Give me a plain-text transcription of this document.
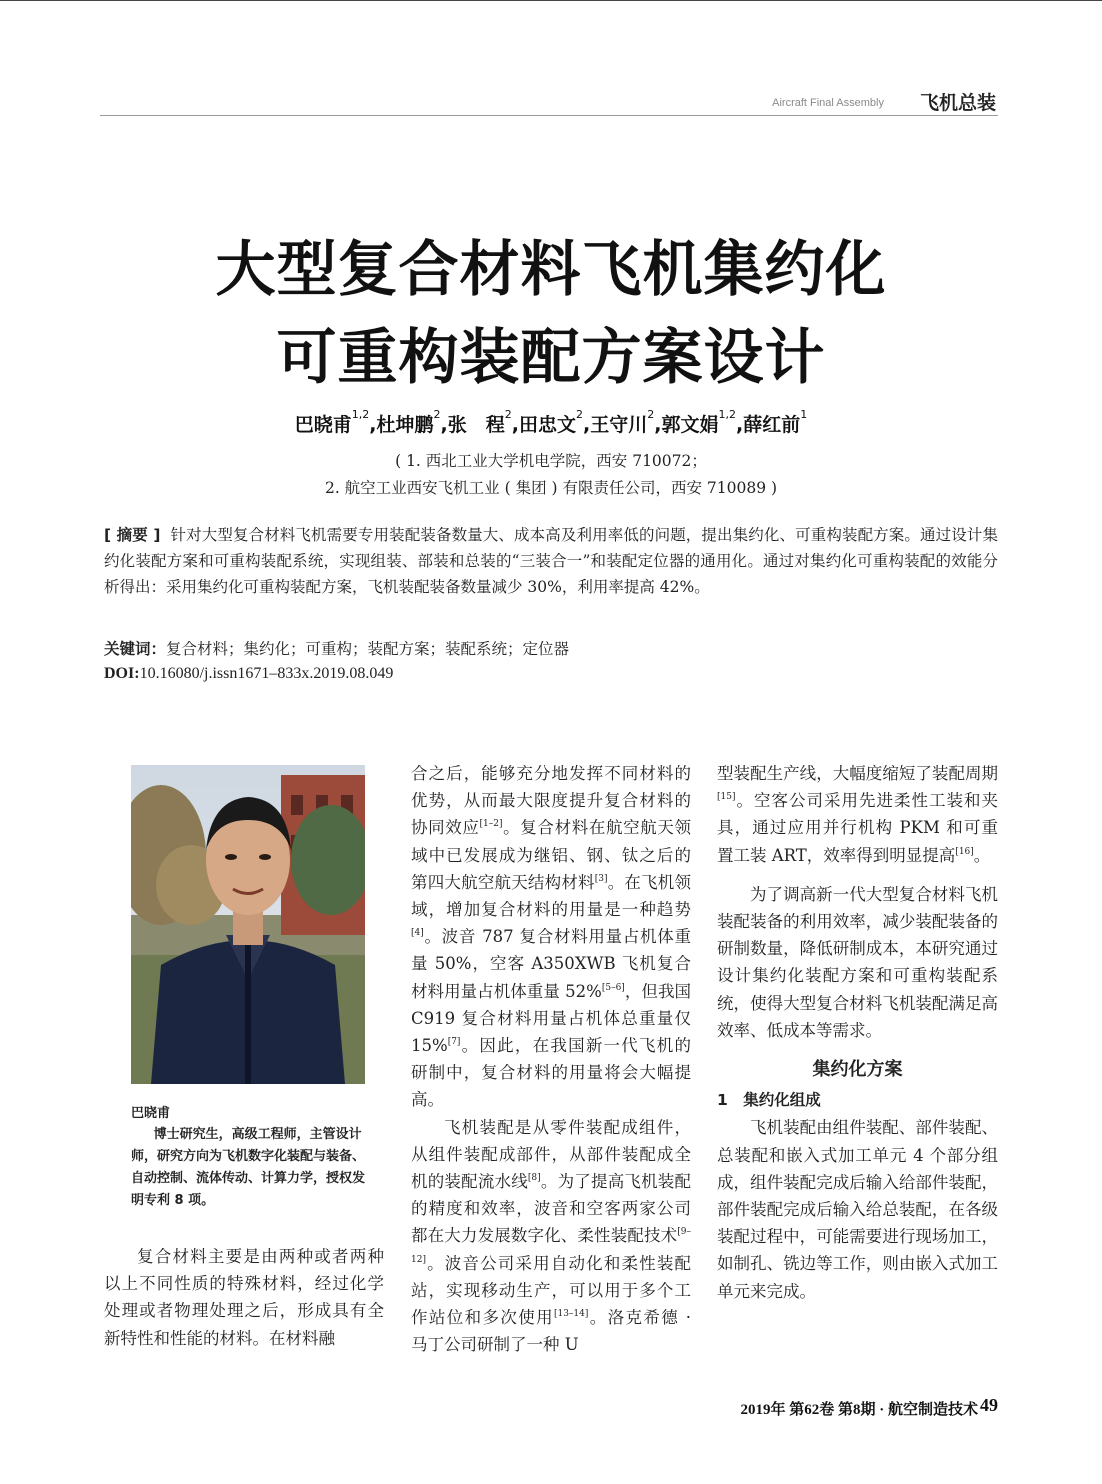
Aircraft Final Assembly 飞机总装
大型复合材料飞机集约化
可重构装配方案设计
巴晓甫$^{1,2}$,杜坤鹏$^2$,张　程$^2$,田忠文$^2$,王守川$^2$,郭文娟$^{1,2}$,薛红前$^1$
( 1. 西北工业大学机电学院，西安 710072；
2. 航空工业西安飞机工业 ( 集团 ) 有限责任公司，西安 710089 )
[ 摘要 ] 针对大型复合材料飞机需要专用装配装备数量大、成本高及利用率低的问题，提出集约化、可重构装配方案。通过设计集约化装配方案和可重构装配系统，实现组装、部装和总装的“三装合一”和装配定位器的通用化。通过对集约化可重构装配的效能分析得出：采用集约化可重构装配方案，飞机装配装备数量减少 30%，利用率提高 42%。
关键词：复合材料；集约化；可重构；装配方案；装配系统；定位器
DOI:10.16080/j.issn1671–833x.2019.08.049
巴晓甫
博士研究生，高级工程师，主管设计师，研究方向为飞机数字化装配与装备、自动控制、流体传动、计算力学，授权发明专利 8 项。

复合材料主要是由两种或者两种以上不同性质的特殊材料，经过化学处理或者物理处理之后，形成具有全新特性和性能的材料。在材料融

合之后，能够充分地发挥不同材料的优势，从而最大限度提升复合材料的协同效应[1–2]。复合材料在航空航天领域中已发展成为继铝、钢、钛之后的第四大航空航天结构材料[3]。在飞机领域，增加复合材料的用量是一种趋势[4]。波音 787 复合材料用量占机体重量 50%，空客 A350XWB 飞机复合材料用量占机体重量 52%[5–6]，但我国 C919 复合材料用量占机体总重量仅 15%[7]。因此，在我国新一代飞机的研制中，复合材料的用量将会大幅提高。

飞机装配是从零件装配成组件，从组件装配成部件，从部件装配成全机的装配流水线[8]。为了提高飞机装配的精度和效率，波音和空客两家公司都在大力发展数字化、柔性装配技术[9–12]。波音公司采用自动化和柔性装配站，实现移动生产，可以用于多个工作站位和多次使用[13–14]。洛克希德 · 马丁公司研制了一种 U

型装配生产线，大幅度缩短了装配周期[15]。空客公司采用先进柔性工装和夹具，通过应用并行机构 PKM 和可重置工装 ART，效率得到明显提高[16]。

为了调高新一代大型复合材料飞机装配装备的利用效率，减少装配装备的研制数量，降低研制成本，本研究通过设计集约化装配方案和可重构装配系统，使得大型复合材料飞机装配满足高效率、低成本等需求。

集约化方案

1　集约化组成

飞机装配由组件装配、部件装配、总装配和嵌入式加工单元 4 个部分组成，组件装配完成后输入给部件装配，部件装配完成后输入给总装配，在各级装配过程中，可能需要进行现场加工，如制孔、铣边等工作，则由嵌入式加工单元来完成。

2019年 第62卷 第8期 · 航空制造技术 49
